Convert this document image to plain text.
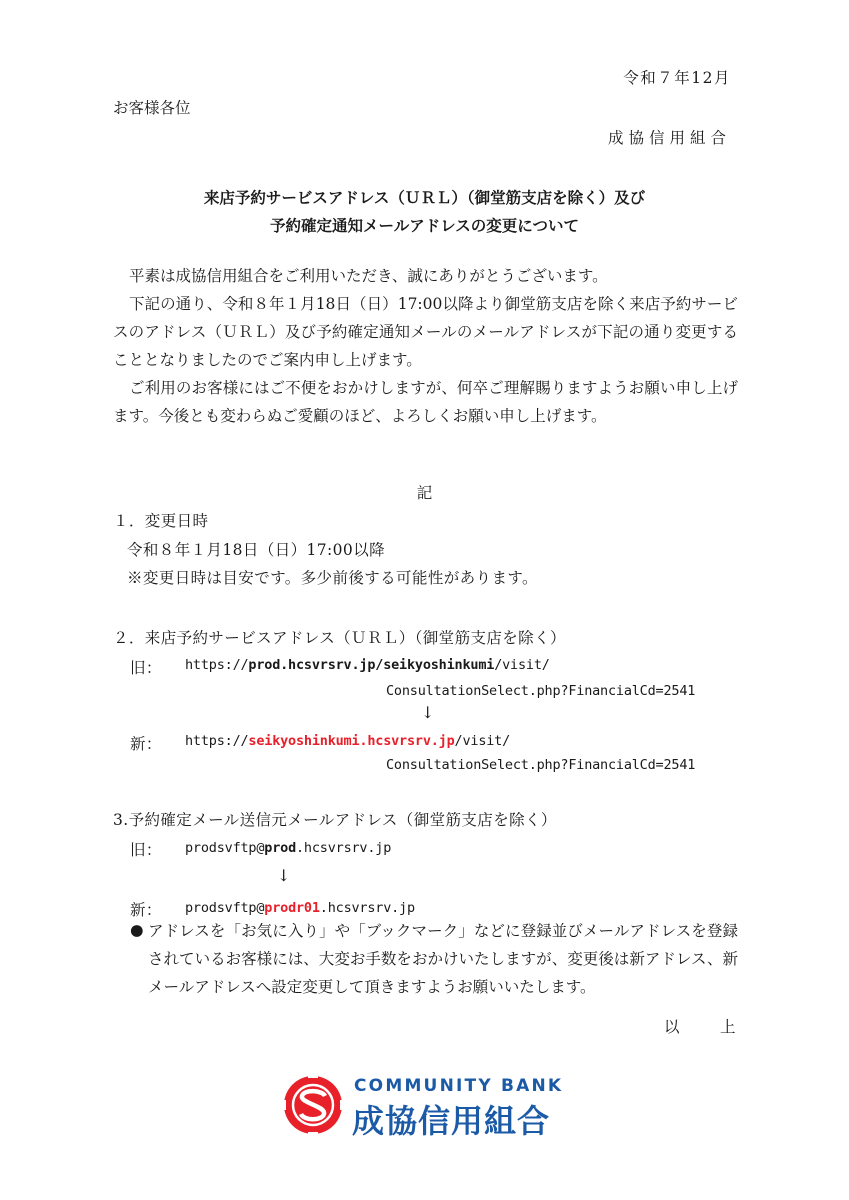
令和７年12月
お客様各位
成協信用組合
来店予約サービスアドレス（ＵＲＬ）（御堂筋支店を除く）及び
予約確定通知メールアドレスの変更について
平素は成協信用組合をご利用いただき、誠にありがとうございます。
下記の通り、令和８年１月18日（日）17:00以降より御堂筋支店を除く来店予約サービスのアドレス（ＵＲＬ）及び予約確定通知メールのメールアドレスが下記の通り変更することとなりましたのでご案内申し上げます。
ご利用のお客様にはご不便をおかけしますが、何卒ご理解賜りますようお願い申し上げます。今後とも変わらぬご愛顧のほど、よろしくお願い申し上げます。
記
１．変更日時
令和８年１月18日（日）17:00以降
※変更日時は目安です。多少前後する可能性があります。
２．来店予約サービスアドレス（ＵＲＬ）（御堂筋支店を除く）
旧： https://prod.hcsvrsrv.jp/seikyoshinkumi/visit/
ConsultationSelect.php?FinancialCd=2541
↓
新： https://seikyoshinkumi.hcsvrsrv.jp/visit/
ConsultationSelect.php?FinancialCd=2541
3.予約確定メール送信元メールアドレス（御堂筋支店を除く）
旧： prodsvftp@prod.hcsvrsrv.jp
↓
新： prodsvftp@prodr01.hcsvrsrv.jp
● アドレスを「お気に入り」や「ブックマーク」などに登録並びメールアドレスを登録されているお客様には、大変お手数をおかけいたしますが、変更後は新アドレス、新メールアドレスへ設定変更して頂きますようお願いいたします。
以	上
COMMUNITY BANK
成協信用組合
